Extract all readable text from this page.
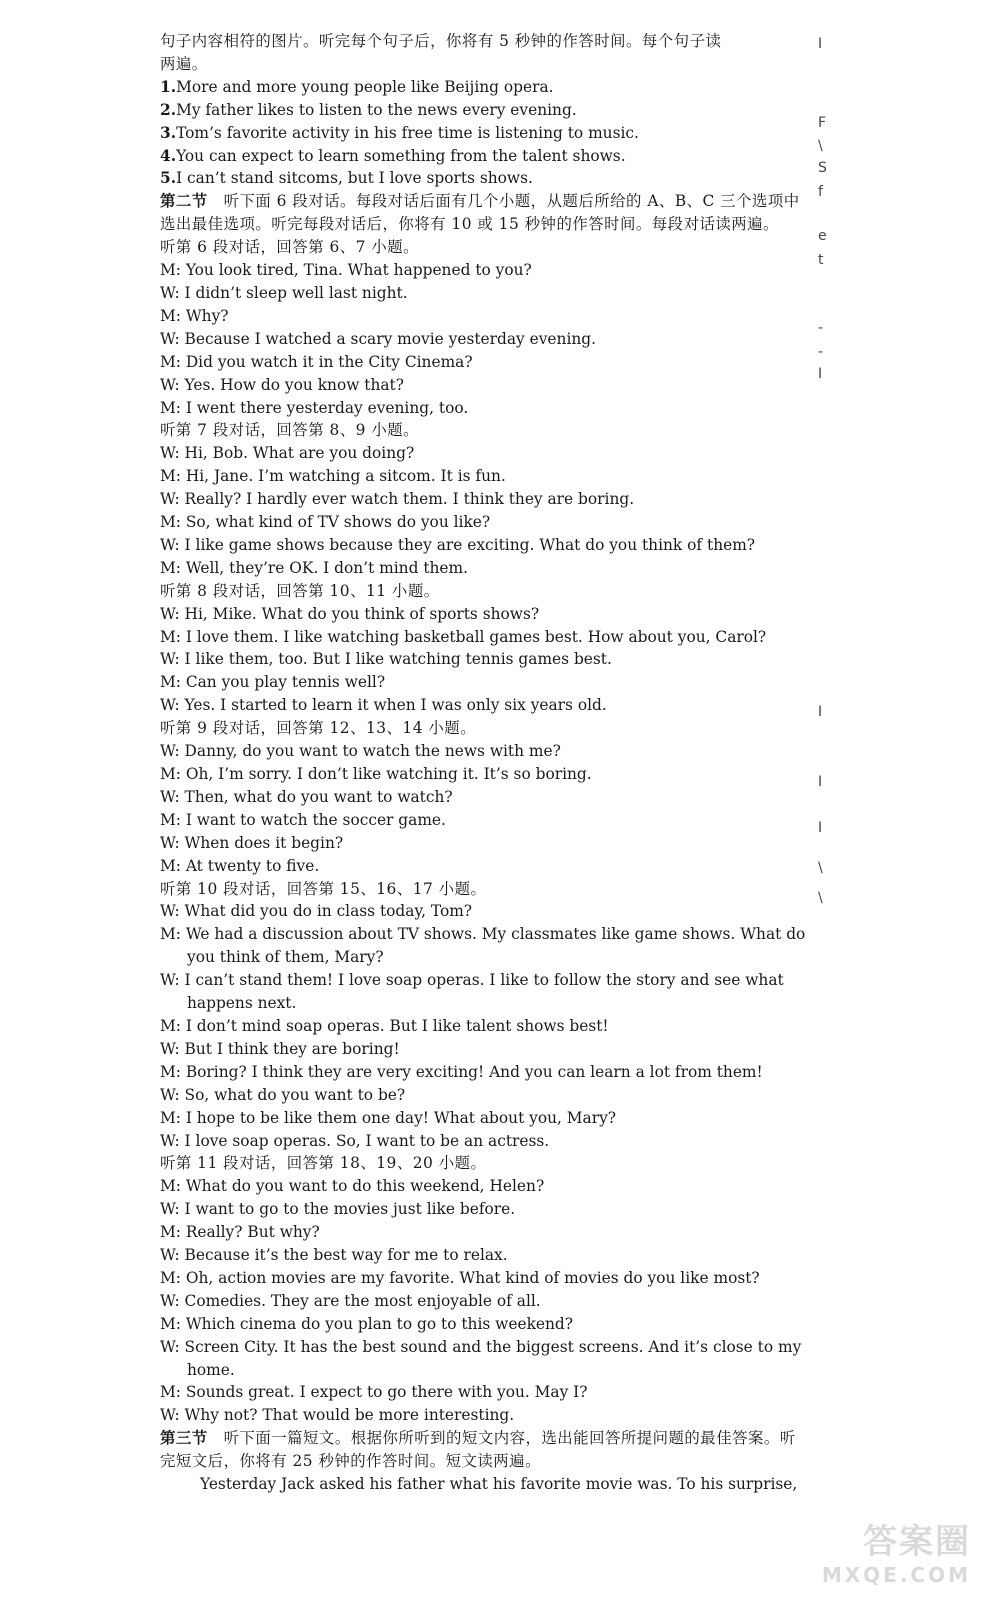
句子内容相符的图片。听完每个句子后，你将有 5 秒钟的作答时间。每个句子读
两遍。
1.More and more young people like Beijing opera.
2.My father likes to listen to the news every evening.
3.Tom’s favorite activity in his free time is listening to music.
4.You can expect to learn something from the talent shows.
5.I can’t stand sitcoms, but I love sports shows.
第二节  听下面 6 段对话。每段对话后面有几个小题，从题后所给的 A、B、C 三个选项中选出最佳选项。听完每段对话后，你将有 10 或 15 秒钟的作答时间。每段对话读两遍。
听第 6 段对话，回答第 6、7 小题。
M: You look tired, Tina. What happened to you?
W: I didn’t sleep well last night.
M: Why?
W: Because I watched a scary movie yesterday evening.
M: Did you watch it in the City Cinema?
W: Yes. How do you know that?
M: I went there yesterday evening, too.
听第 7 段对话，回答第 8、9 小题。
W: Hi, Bob. What are you doing?
M: Hi, Jane. I’m watching a sitcom. It is fun.
W: Really? I hardly ever watch them. I think they are boring.
M: So, what kind of TV shows do you like?
W: I like game shows because they are exciting. What do you think of them?
M: Well, they’re OK. I don’t mind them.
听第 8 段对话，回答第 10、11 小题。
W: Hi, Mike. What do you think of sports shows?
M: I love them. I like watching basketball games best. How about you, Carol?
W: I like them, too. But I like watching tennis games best.
M: Can you play tennis well?
W: Yes. I started to learn it when I was only six years old.
听第 9 段对话，回答第 12、13、14 小题。
W: Danny, do you want to watch the news with me?
M: Oh, I’m sorry. I don’t like watching it. It’s so boring.
W: Then, what do you want to watch?
M: I want to watch the soccer game.
W: When does it begin?
M: At twenty to five.
听第 10 段对话，回答第 15、16、17 小题。
W: What did you do in class today, Tom?
M: We had a discussion about TV shows. My classmates like game shows. What do you think of them, Mary?
W: I can’t stand them! I love soap operas. I like to follow the story and see what happens next.
M: I don’t mind soap operas. But I like talent shows best!
W: But I think they are boring!
M: Boring? I think they are very exciting! And you can learn a lot from them!
W: So, what do you want to be?
M: I hope to be like them one day! What about you, Mary?
W: I love soap operas. So, I want to be an actress.
听第 11 段对话，回答第 18、19、20 小题。
M: What do you want to do this weekend, Helen?
W: I want to go to the movies just like before.
M: Really? But why?
W: Because it’s the best way for me to relax.
M: Oh, action movies are my favorite. What kind of movies do you like most?
W: Comedies. They are the most enjoyable of all.
M: Which cinema do you plan to go to this weekend?
W: Screen City. It has the best sound and the biggest screens. And it’s close to my home.
M: Sounds great. I expect to go there with you. May I?
W: Why not? That would be more interesting.
第三节  听下面一篇短文。根据你所听到的短文内容，选出能回答所提问题的最佳答案。听完短文后，你将有 25 秒钟的作答时间。短文读两遍。
Yesterday Jack asked his father what his favorite movie was. To his surprise,
I
F
\
S
f
e
t
-
-
I
I
I
I
\
\
答案圈
MXQE.COM
